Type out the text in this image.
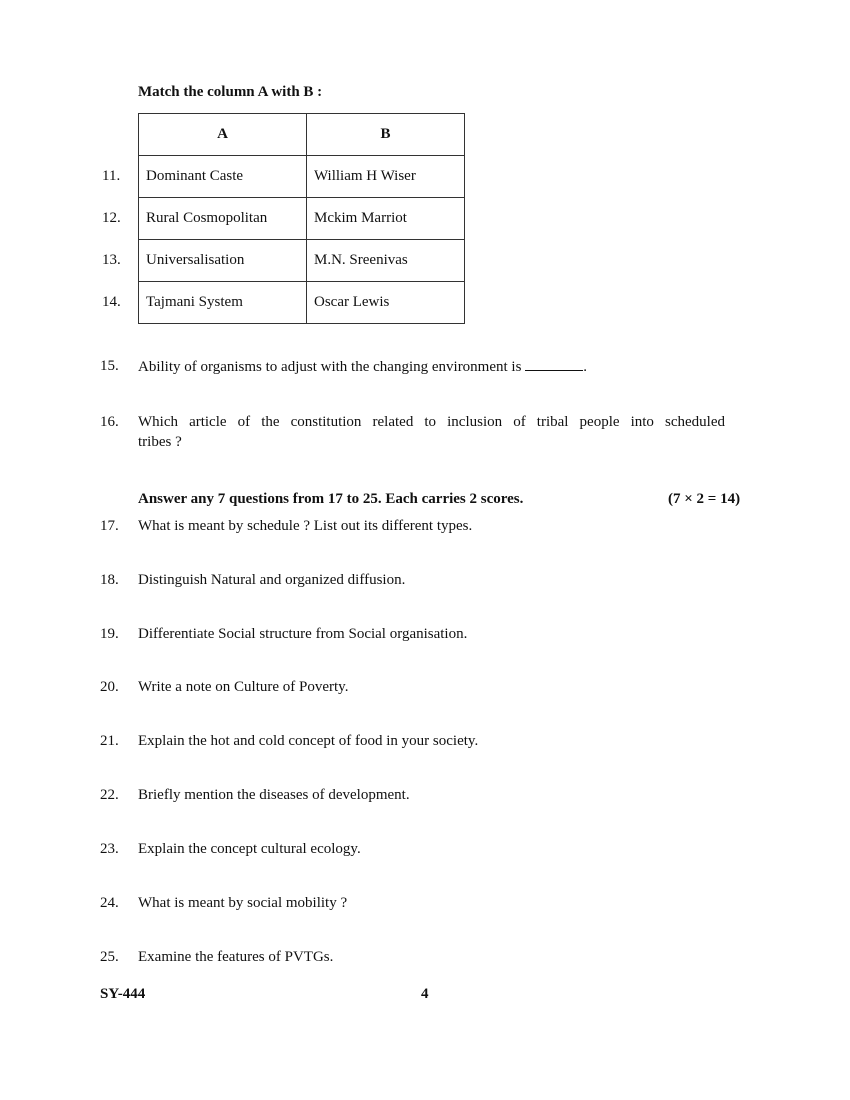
Match the column A with B :
A	B
Dominant Caste	William H Wiser
Rural Cosmopolitan	Mckim Marriot
Universalisation	M.N. Sreenivas
Tajmani System	Oscar Lewis
11.
12.
13.
14.
15. Ability of organisms to adjust with the changing environment is	.
16. Which article of the constitution related to inclusion of tribal people into scheduled
tribes ?
Answer any 7 questions from 17 to 25. Each carries 2 scores.	(7 × 2 = 14)
17. What is meant by schedule ? List out its different types.
18. Distinguish Natural and organized diffusion.
19. Differentiate Social structure from Social organisation.
20. Write a note on Culture of Poverty.
21. Explain the hot and cold concept of food in your society.
22. Briefly mention the diseases of development.
23. Explain the concept cultural ecology.
24. What is meant by social mobility ?
25. Examine the features of PVTGs.
SY-444	4
